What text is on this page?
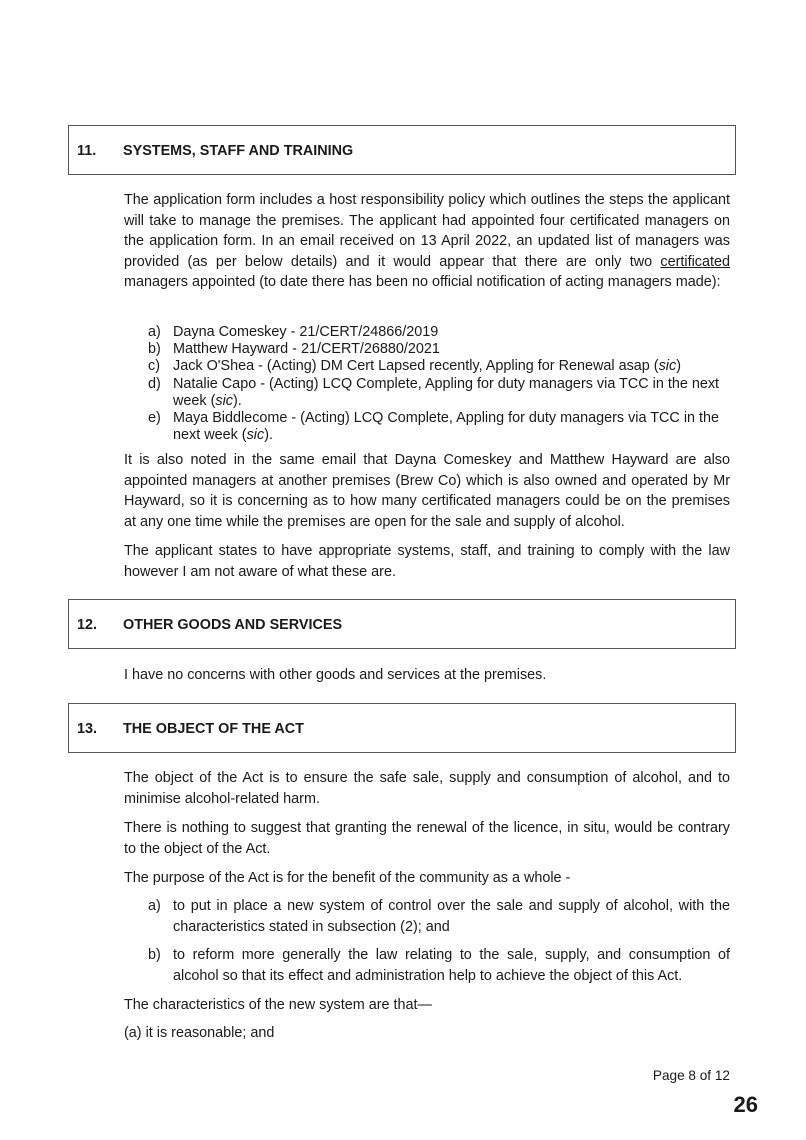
11. SYSTEMS, STAFF AND TRAINING

The application form includes a host responsibility policy which outlines the steps the applicant will take to manage the premises. The applicant had appointed four certificated managers on the application form. In an email received on 13 April 2022, an updated list of managers was provided (as per below details) and it would appear that there are only two certificated managers appointed (to date there has been no official notification of acting managers made):

a) Dayna Comeskey - 21/CERT/24866/2019
b) Matthew Hayward - 21/CERT/26880/2021
c) Jack O'Shea - (Acting) DM Cert Lapsed recently, Appling for Renewal asap (sic)
d) Natalie Capo - (Acting) LCQ Complete, Appling for duty managers via TCC in the next week (sic).
e) Maya Biddlecome - (Acting) LCQ Complete, Appling for duty managers via TCC in the next week (sic).

It is also noted in the same email that Dayna Comeskey and Matthew Hayward are also appointed managers at another premises (Brew Co) which is also owned and operated by Mr Hayward, so it is concerning as to how many certificated managers could be on the premises at any one time while the premises are open for the sale and supply of alcohol.

The applicant states to have appropriate systems, staff, and training to comply with the law however I am not aware of what these are.

12. OTHER GOODS AND SERVICES

I have no concerns with other goods and services at the premises.

13. THE OBJECT OF THE ACT

The object of the Act is to ensure the safe sale, supply and consumption of alcohol, and to minimise alcohol-related harm.

There is nothing to suggest that granting the renewal of the licence, in situ, would be contrary to the object of the Act.

The purpose of the Act is for the benefit of the community as a whole -

a) to put in place a new system of control over the sale and supply of alcohol, with the characteristics stated in subsection (2); and
b) to reform more generally the law relating to the sale, supply, and consumption of alcohol so that its effect and administration help to achieve the object of this Act.

The characteristics of the new system are that—

(a) it is reasonable; and

Page 8 of 12
26
